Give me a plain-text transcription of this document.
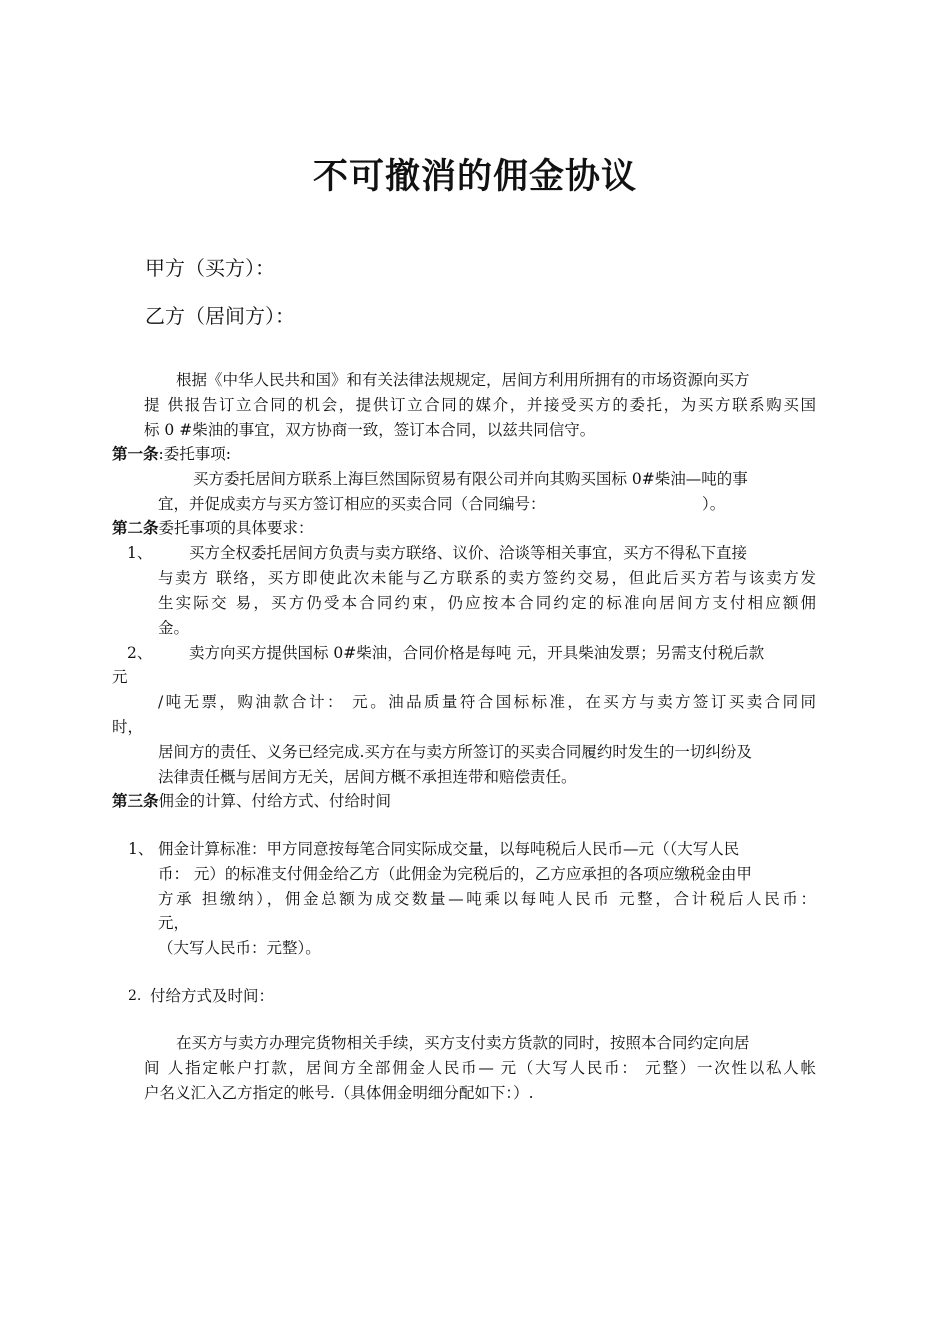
不可撤消的佣金协议
甲方（买方）：
乙方（居间方）：
根据《中华人民共和国》和有关法律法规规定，居间方利用所拥有的市场资源向买方
提 供报告订立合同的机会，提供订立合同的媒介，并接受买方的委托，为买方联系购买国
标 0 #柴油的事宜，双方协商一致，签订本合同，以兹共同信守。
第一条:委托事项:
买方委托居间方联系上海巨然国际贸易有限公司并向其购买国标 0#柴油—吨的事
宜，并促成卖方与买方签订相应的买卖合同（合同编号：	）。
第二条委托事项的具体要求：
1、 买方全权委托居间方负责与卖方联络、议价、洽谈等相关事宜，买方不得私下直接
与卖方 联络，买方即使此次未能与乙方联系的卖方签约交易，但此后买方若与该卖方发
生实际交 易，买方仍受本合同约束，仍应按本合同约定的标准向居间方支付相应额佣
金。
2、 卖方向买方提供国标 0#柴油，合同价格是每吨 元，开具柴油发票；另需支付税后款
元
/吨无票，购油款合计： 元。油品质量符合国标标准，在买方与卖方签订买卖合同同
时，
居间方的责任、义务已经完成.买方在与卖方所签订的买卖合同履约时发生的一切纠纷及
法律责任概与居间方无关，居间方概不承担连带和赔偿责任。
第三条佣金的计算、付给方式、付给时间
1、 佣金计算标准：甲方同意按每笔合同实际成交量，以每吨税后人民币—元（（大写人民
币： 元）的标准支付佣金给乙方（此佣金为完税后的，乙方应承担的各项应缴税金由甲
方承 担缴纳），佣金总额为成交数量—吨乘以每吨人民币 元整，合计税后人民币：
元，
（大写人民币：元整）。
2. 付给方式及时间：
在买方与卖方办理完货物相关手续，买方支付卖方货款的同时，按照本合同约定向居
间 人指定帐户打款，居间方全部佣金人民币— 元（大写人民币： 元整）一次性以私人帐
户名义汇入乙方指定的帐号.（具体佣金明细分配如下：）.
